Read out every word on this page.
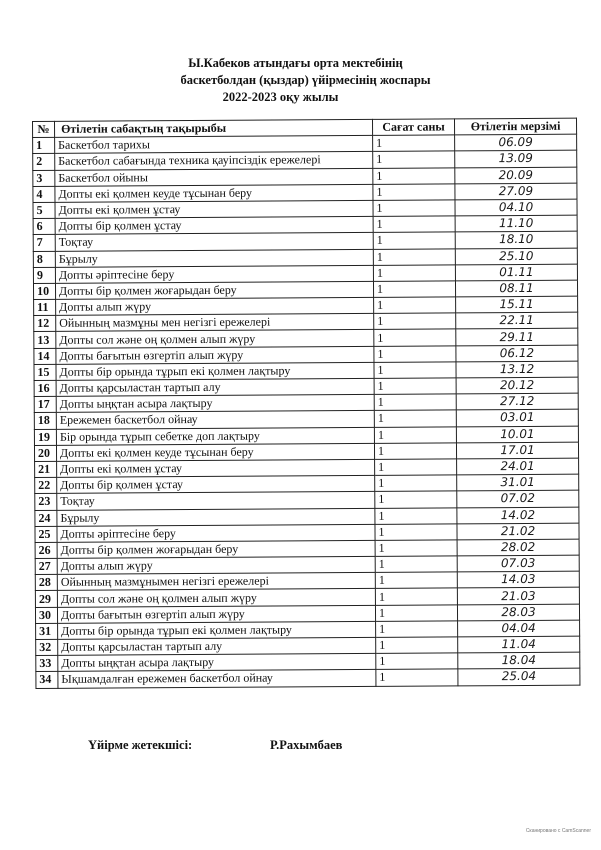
Ы.Кабеков атындағы орта мектебінің
баскетболдан (қыздар) үйірмесінің жоспары
2022-2023 оқу жылы
№	Өтілетін сабақтың тақырыбы	Сағат саны	Өтілетін мерзімі
1	Баскетбол тарихы	1	06.09
2	Баскетбол сабағында техника қауіпсіздік ережелері	1	13.09
3	Баскетбол ойыны	1	20.09
4	Допты екі қолмен кеуде тұсынан беру	1	27.09
5	Допты екі қолмен ұстау	1	04.10
6	Допты бір қолмен ұстау	1	11.10
7	Тоқтау	1	18.10
8	Бұрылу	1	25.10
9	Допты әріптесіне беру	1	01.11
10	Допты бір қолмен жоғарыдан беру	1	08.11
11	Допты алып жүру	1	15.11
12	Ойынның мазмұны мен негізгі ережелері	1	22.11
13	Допты сол және оң қолмен алып жүру	1	29.11
14	Допты бағытын өзгертіп алып жүру	1	06.12
15	Допты бір орында тұрып екі қолмен лақтыру	1	13.12
16	Допты қарсыластан тартып алу	1	20.12
17	Допты ыңқтан асыра лақтыру	1	27.12
18	Ережемен баскетбол ойнау	1	03.01
19	Бір орында тұрып себетке доп лақтыру	1	10.01
20	Допты екі қолмен кеуде тұсынан беру	1	17.01
21	Допты екі қолмен ұстау	1	24.01
22	Допты бір қолмен ұстау	1	31.01
23	Тоқтау	1	07.02
24	Бұрылу	1	14.02
25	Допты әріптесіне беру	1	21.02
26	Допты бір қолмен жоғарыдан беру	1	28.02
27	Допты алып жүру	1	07.03
28	Ойынның мазмұнымен негізгі ережелері	1	14.03
29	Допты сол және оң қолмен алып жүру	1	21.03
30	Допты бағытын өзгертіп алып жүру	1	28.03
31	Допты бір орында тұрып екі қолмен лақтыру	1	04.04
32	Допты қарсыластан тартып алу	1	11.04
33	Допты ыңқтан асыра лақтыру	1	18.04
34	Ықшамдалған ережемен баскетбол ойнау	1	25.04
Үйірме жетекшісі:	Р.Рахымбаев
Сканировано с CamScanner
